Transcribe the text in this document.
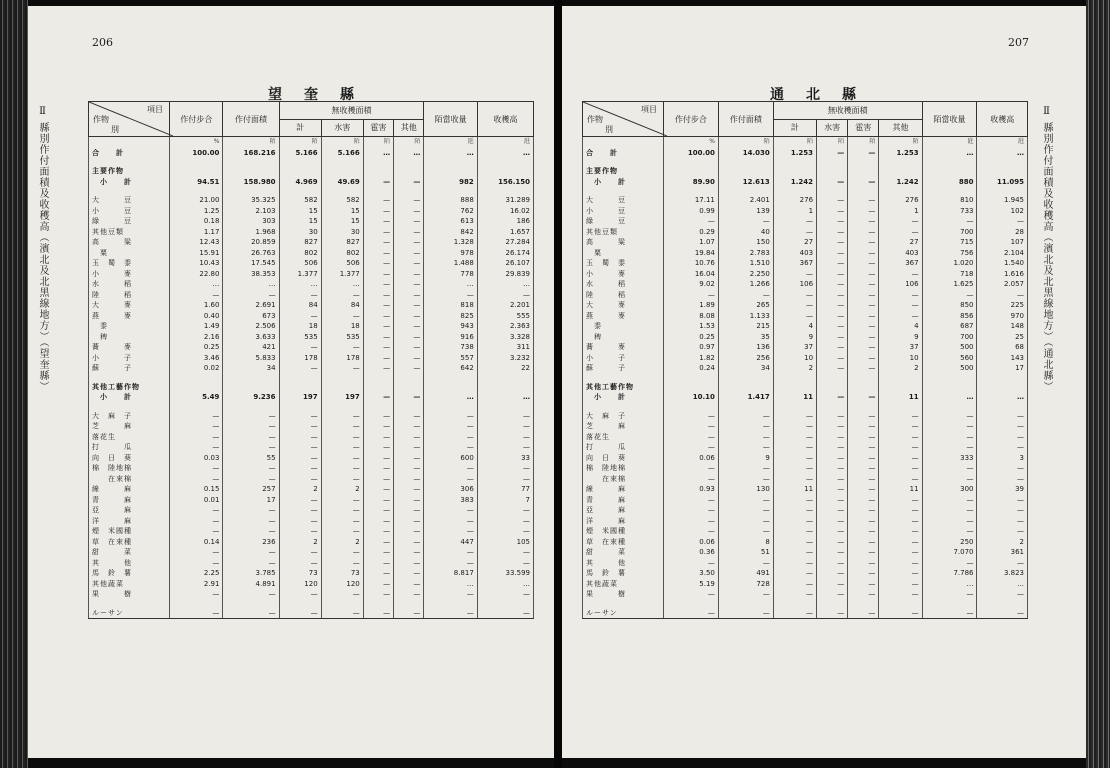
206
望奎縣
Ⅱ 縣別作付面積及收穫高（濱北及北黑線地方）（望奎縣）	項目
作物
別	作付步合	作付面積	無收穫面積				陌當收量	收穫高
			計	水害	雹害	其他		
	%	陌	陌	陌	陌	陌	瓩	瓩
合　　計	100.00	168.216	5.166	5.166	…	…	…	…

主要作物								
　小　　計	94.51	158.980	4.969	49.69	—	—	982	156.150

大　　　豆	21.00	35.325	582	582	—	—	888	31.289
小　　　豆	1.25	2.103	15	15	—	—	762	16.02
綠　　　豆	0.18	303	15	15	—	—	613	186
其他豆類	1.17	1.968	30	30	—	—	842	1.657
高　　　粱	12.43	20.859	827	827	—	—	1.328	27.284
　粟	15.91	26.763	802	802	—	—	978	26.174
玉　蜀　黍	10.43	17.545	506	506	—	—	1.488	26.107
小　　　麥	22.80	38.353	1.377	1.377	—	—	778	29.839
水　　　稻	…	…	…	…	—	—	…	…
陸　　　稻	—	—	—	—	—	—	—	—
大　　　麥	1.60	2.691	84	84	—	—	818	2.201
燕　　　麥	0.40	673	—	—	—	—	825	555
　黍	1.49	2.506	18	18	—	—	943	2.363
　稗	2.16	3.633	535	535	—	—	916	3.328
蕎　　　麥	0.25	421	—	—	—	—	738	311
小　　　子	3.46	5.833	178	178	—	—	557	3.232
蘇　　　子	0.02	34	—	—	—	—	642	22

其他工藝作物								
　小　　計	5.49	9.236	197	197	—	—	…	…

大　麻　子	—	—	—	—	—	—	—	—
芝　　　麻	—	—	—	—	—	—	—	—
落花生	—	—	—	—	—	—	—	—
打　　　瓜	—	—	—	—	—	—	—	—
向　日　葵	0.03	55	—	—	—	—	600	33
棉　陸地棉	—	—	—	—	—	—	—	—
　　在來棉	—	—	—	—	—	—	—	—
線　　　麻	0.15	257	2	2	—	—	306	77
青　　　麻	0.01	17	—	—	—	—	383	7
亞　　　麻	—	—	—	—	—	—	—	—
洋　　　麻	—	—	—	—	—	—	—	—
煙　米國種	—	—	—	—	—	—	—	—
草　在來種	0.14	236	2	2	—	—	447	105
甜　　　菜	—	—	—	—	—	—	—	—
其　　　他	—	—	—	—	—	—	—	—
馬　鈴　薯	2.25	3.785	73	73	—	—	8.817	33.599
其他蔬菜	2.91	4.891	120	120	—	—	…	…
果　　　樹	—	—	—	—	—	—	—	—

ルーサン	—	—	—	—	—	—	—	—
207
通北縣
Ⅱ 縣別作付面積及收穫高（濱北及北黑線地方）（通北縣）
項目
作物
別	作付步合	作付面積	無收穫面積				陌當收量	收穫高
			計	水害	雹害	其他		
	%	陌	陌	陌	陌	陌	瓩	瓩
合　　計	100.00	14.030	1.253	—	—	1.253	…	…

主要作物								
　小　　計	89.90	12.613	1.242	—	—	1.242	880	11.095

大　　　豆	17.11	2.401	276	—	—	276	810	1.945
小　　　豆	0.99	139	1	—	—	1	733	102
綠　　　豆	—	—	—	—	—	—	—	—
其他豆類	0.29	40	—	—	—	—	700	28
高　　　粱	1.07	150	27	—	—	27	715	107
　粟	19.84	2.783	403	—	—	403	756	2.104
玉　蜀　黍	10.76	1.510	367	—	—	367	1.020	1.540
小　　　麥	16.04	2.250	—	—	—	—	718	1.616
水　　　稻	9.02	1.266	106	—	—	106	1.625	2.057
陸　　　稻	—	—	—	—	—	—	—	—
大　　　麥	1.89	265	—	—	—	—	850	225
燕　　　麥	8.08	1.133	—	—	—	—	856	970
　黍	1.53	215	4	—	—	4	687	148
　稗	0.25	35	9	—	—	9	700	25
蕎　　　麥	0.97	136	37	—	—	37	500	68
小　　　子	1.82	256	10	—	—	10	560	143
蘇　　　子	0.24	34	2	—	—	2	500	17

其他工藝作物								
　小　　計	10.10	1.417	11	—	—	11	…	…

大　麻　子	—	—	—	—	—	—	—	—
芝　　　麻	—	—	—	—	—	—	—	—
落花生	—	—	—	—	—	—	—	—
打　　　瓜	—	—	—	—	—	—	—	—
向　日　葵	0.06	9	—	—	—	—	333	3
棉　陸地棉	—	—	—	—	—	—	—	—
　　在來棉	—	—	—	—	—	—	—	—
線　　　麻	0.93	130	11	—	—	11	300	39
青　　　麻	—	—	—	—	—	—	—	—
亞　　　麻	—	—	—	—	—	—	—	—
洋　　　麻	—	—	—	—	—	—	—	—
煙　米國種	—	—	—	—	—	—	—	—
草　在來種	0.06	8	—	—	—	—	250	2
甜　　　菜	0.36	51	—	—	—	—	7.070	361
其　　　他	—	—	—	—	—	—	—	—
馬　鈴　薯	3.50	491	—	—	—	—	7.786	3.823
其他蔬菜	5.19	728	—	—	—	—	…	…
果　　　樹	—	—	—	—	—	—	—	—

ルーサン	—	—	—	—	—	—	—	—
